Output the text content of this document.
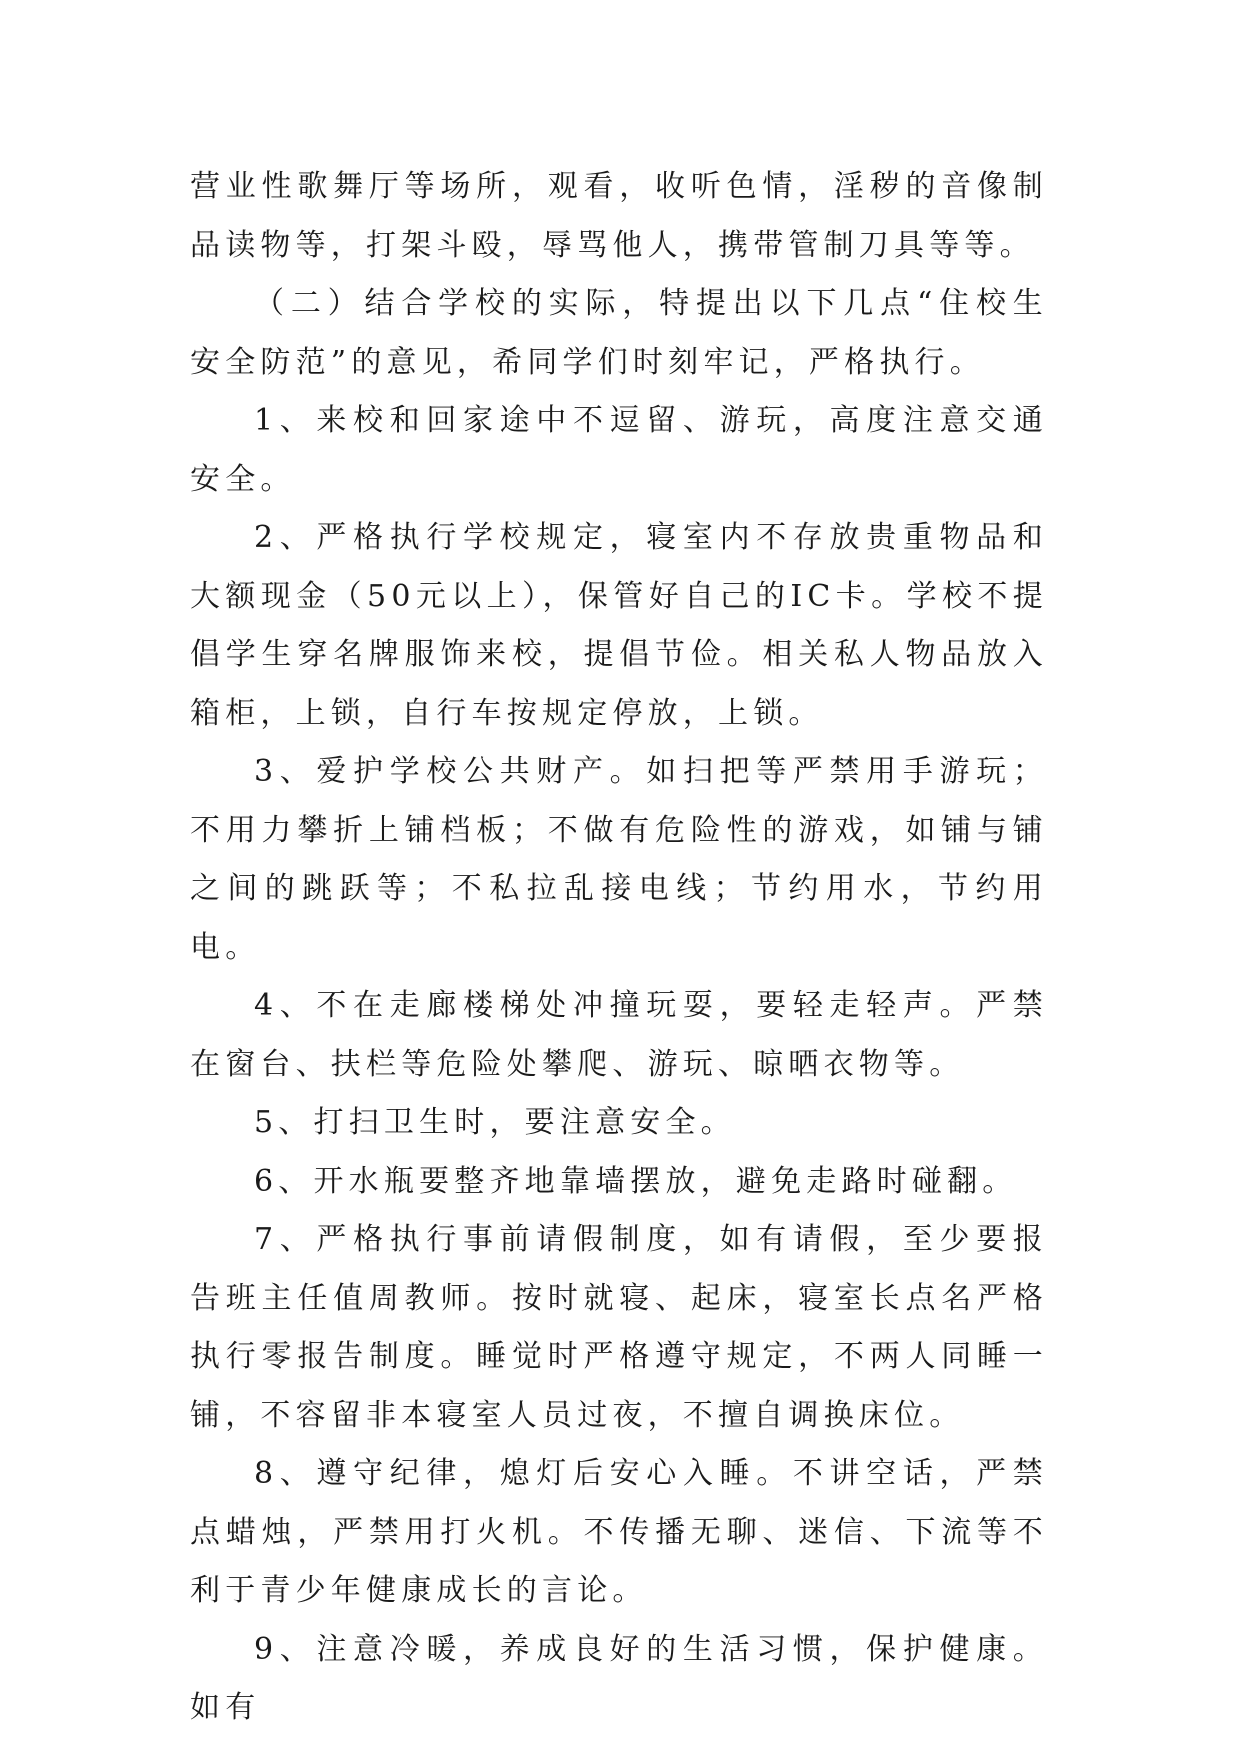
营业性歌舞厅等场所，观看，收听色情，淫秽的音像制品读物等，打架斗殴，辱骂他人，携带管制刀具等等。

（二）结合学校的实际，特提出以下几点“住校生安全防范”的意见，希同学们时刻牢记，严格执行。

1、来校和回家途中不逗留、游玩，高度注意交通安全。

2、严格执行学校规定，寝室内不存放贵重物品和大额现金（50元以上），保管好自己的IC卡。学校不提倡学生穿名牌服饰来校，提倡节俭。相关私人物品放入箱柜，上锁，自行车按规定停放，上锁。

3、爱护学校公共财产。如扫把等严禁用手游玩；不用力攀折上铺档板；不做有危险性的游戏，如铺与铺之间的跳跃等；不私拉乱接电线；节约用水，节约用电。

4、不在走廊楼梯处冲撞玩耍，要轻走轻声。严禁在窗台、扶栏等危险处攀爬、游玩、晾晒衣物等。

5、打扫卫生时，要注意安全。

6、开水瓶要整齐地靠墙摆放，避免走路时碰翻。

7、严格执行事前请假制度，如有请假，至少要报告班主任值周教师。按时就寝、起床，寝室长点名严格执行零报告制度。睡觉时严格遵守规定，不两人同睡一铺，不容留非本寝室人员过夜，不擅自调换床位。

8、遵守纪律，熄灯后安心入睡。不讲空话，严禁点蜡烛，严禁用打火机。不传播无聊、迷信、下流等不利于青少年健康成长的言论。

9、注意冷暖，养成良好的生活习惯，保护健康。如有
